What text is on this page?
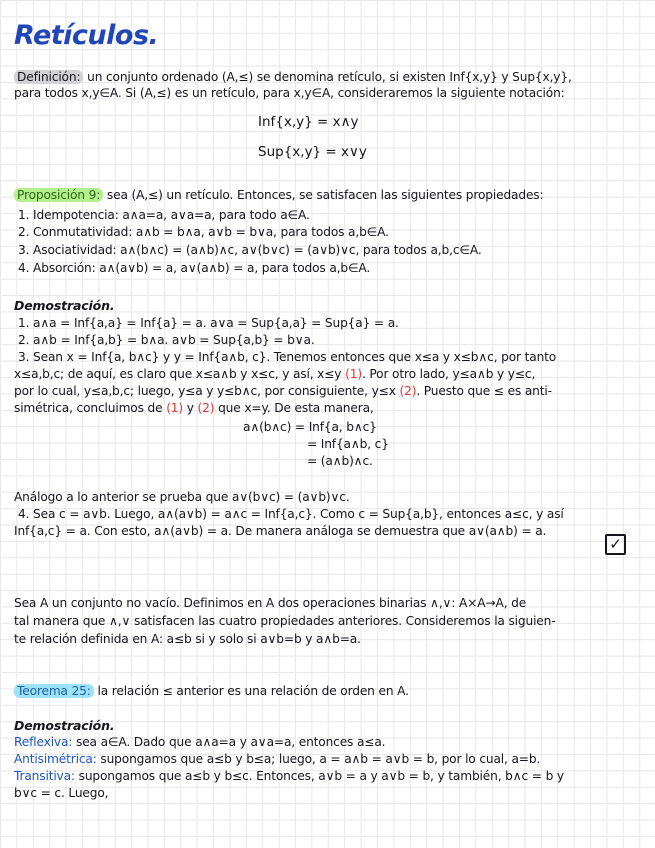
Retículos.
Definición: un conjunto ordenado (A,≤) se denomina retículo, si existen Inf{x,y} y Sup{x,y},
para todos x,y∈A. Si (A,≤) es un retículo, para x,y∈A, consideraremos la siguiente notación:
Inf{x,y} = x∧y
Sup{x,y} = x∨y
Proposición 9: sea (A,≤) un retículo. Entonces, se satisfacen las siguientes propiedades:
1. Idempotencia: a∧a=a, a∨a=a, para todo a∈A.
2. Conmutatividad: a∧b = b∧a, a∨b = b∨a, para todos a,b∈A.
3. Asociatividad: a∧(b∧c) = (a∧b)∧c, a∨(b∨c) = (a∨b)∨c, para todos a,b,c∈A.
4. Absorción: a∧(a∨b) = a, a∨(a∧b) = a, para todos a,b∈A.
Demostración.
1. a∧a = Inf{a,a} = Inf{a} = a. a∨a = Sup{a,a} = Sup{a} = a.
2. a∧b = Inf{a,b} = b∧a. a∨b = Sup{a,b} = b∨a.
3. Sean x = Inf{a, b∧c} y y = Inf{a∧b, c}. Tenemos entonces que x≤a y x≤b∧c, por tanto
x≤a,b,c; de aquí, es claro que x≤a∧b y x≤c, y así, x≤y (1). Por otro lado, y≤a∧b y y≤c,
por lo cual, y≤a,b,c; luego, y≤a y y≤b∧c, por consiguiente, y≤x (2). Puesto que ≤ es anti-
simétrica, concluimos de (1) y (2) que x=y. De esta manera,
a∧(b∧c) = Inf{a, b∧c}
= Inf{a∧b, c}
= (a∧b)∧c.
Análogo a lo anterior se prueba que a∨(b∨c) = (a∨b)∨c.
4. Sea c = a∨b. Luego, a∧(a∨b) = a∧c = Inf{a,c}. Como c = Sup{a,b}, entonces a≤c, y así
Inf{a,c} = a. Con esto, a∧(a∨b) = a. De manera análoga se demuestra que a∨(a∧b) = a.
✓
Sea A un conjunto no vacío. Definimos en A dos operaciones binarias ∧,∨: A×A→A, de
tal manera que ∧,∨ satisfacen las cuatro propiedades anteriores. Consideremos la siguien-
te relación definida en A: a≤b si y solo si a∨b=b y a∧b=a.
Teorema 25: la relación ≤ anterior es una relación de orden en A.
Demostración.
Reflexiva: sea a∈A. Dado que a∧a=a y a∨a=a, entonces a≤a.
Antisimétrica: supongamos que a≤b y b≤a; luego, a = a∧b = a∨b = b, por lo cual, a=b.
Transitiva: supongamos que a≤b y b≤c. Entonces, a∨b = a y a∨b = b, y también, b∧c = b y
b∨c = c. Luego,
